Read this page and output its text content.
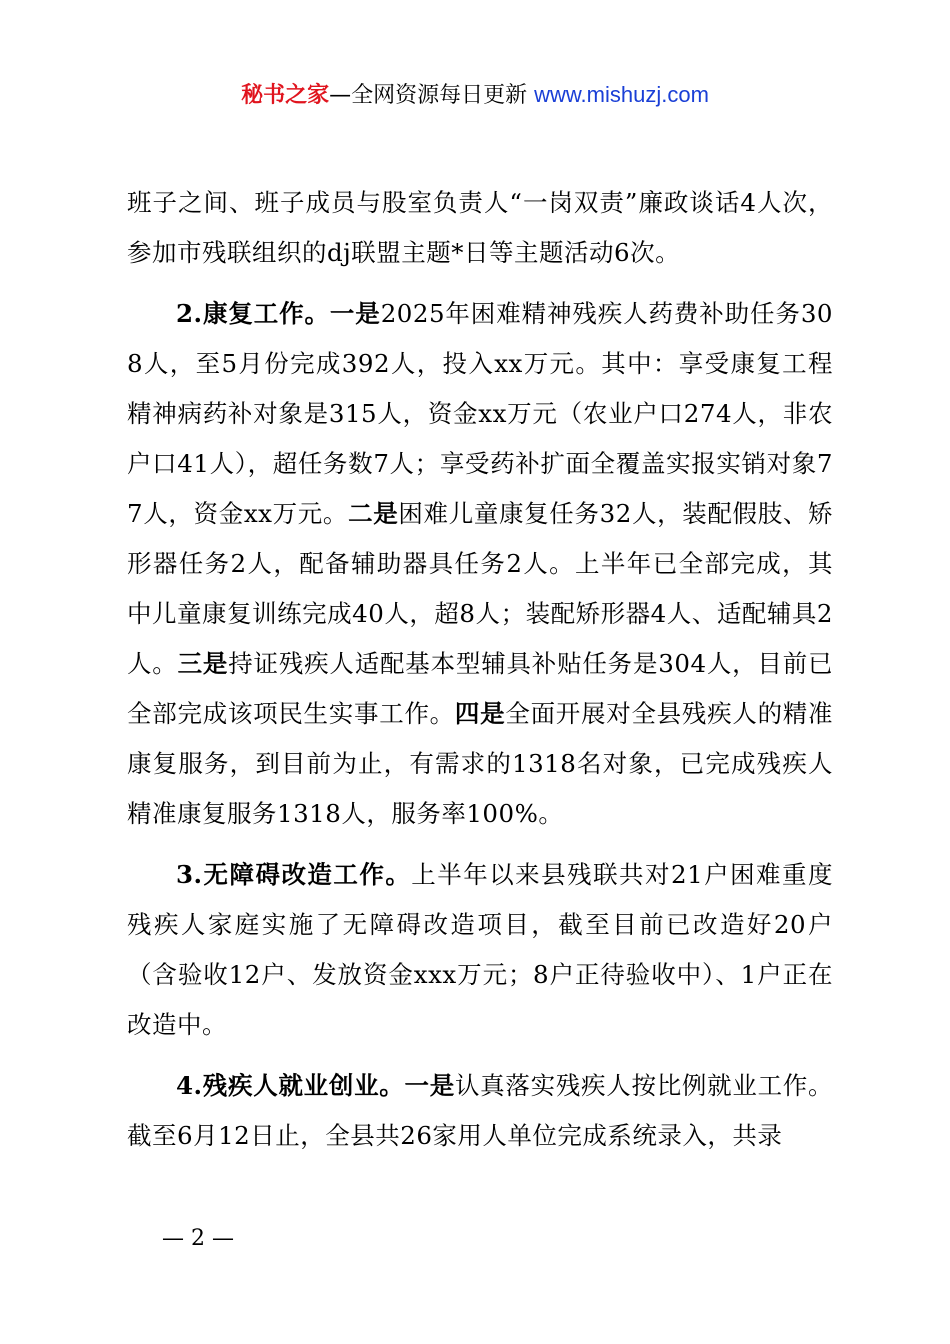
秘书之家—全网资源每日更新 www.mishuzj.com

班子之间、班子成员与股室负责人“一岗双责”廉政谈话4人次，参加市残联组织的dj联盟主题*日等主题活动6次。

2.康复工作。一是2025年困难精神残疾人药费补助任务308人，至5月份完成392人，投入xx万元。其中：享受康复工程精神病药补对象是315人，资金xx万元（农业户口274人，非农户口41人），超任务数7人；享受药补扩面全覆盖实报实销对象77人，资金xx万元。二是困难儿童康复任务32人，装配假肢、矫形器任务2人，配备辅助器具任务2人。上半年已全部完成，其中儿童康复训练完成40人，超8人；装配矫形器4人、适配辅具2人。三是持证残疾人适配基本型辅具补贴任务是304人，目前已全部完成该项民生实事工作。四是全面开展对全县残疾人的精准康复服务，到目前为止，有需求的1318名对象，已完成残疾人精准康复服务1318人，服务率100%。

3.无障碍改造工作。上半年以来县残联共对21户困难重度残疾人家庭实施了无障碍改造项目，截至目前已改造好20户（含验收12户、发放资金xxx万元；8户正待验收中）、1户正在改造中。

4.残疾人就业创业。一是认真落实残疾人按比例就业工作。截至6月12日止，全县共26家用人单位完成系统录入，共录

— 2 —
